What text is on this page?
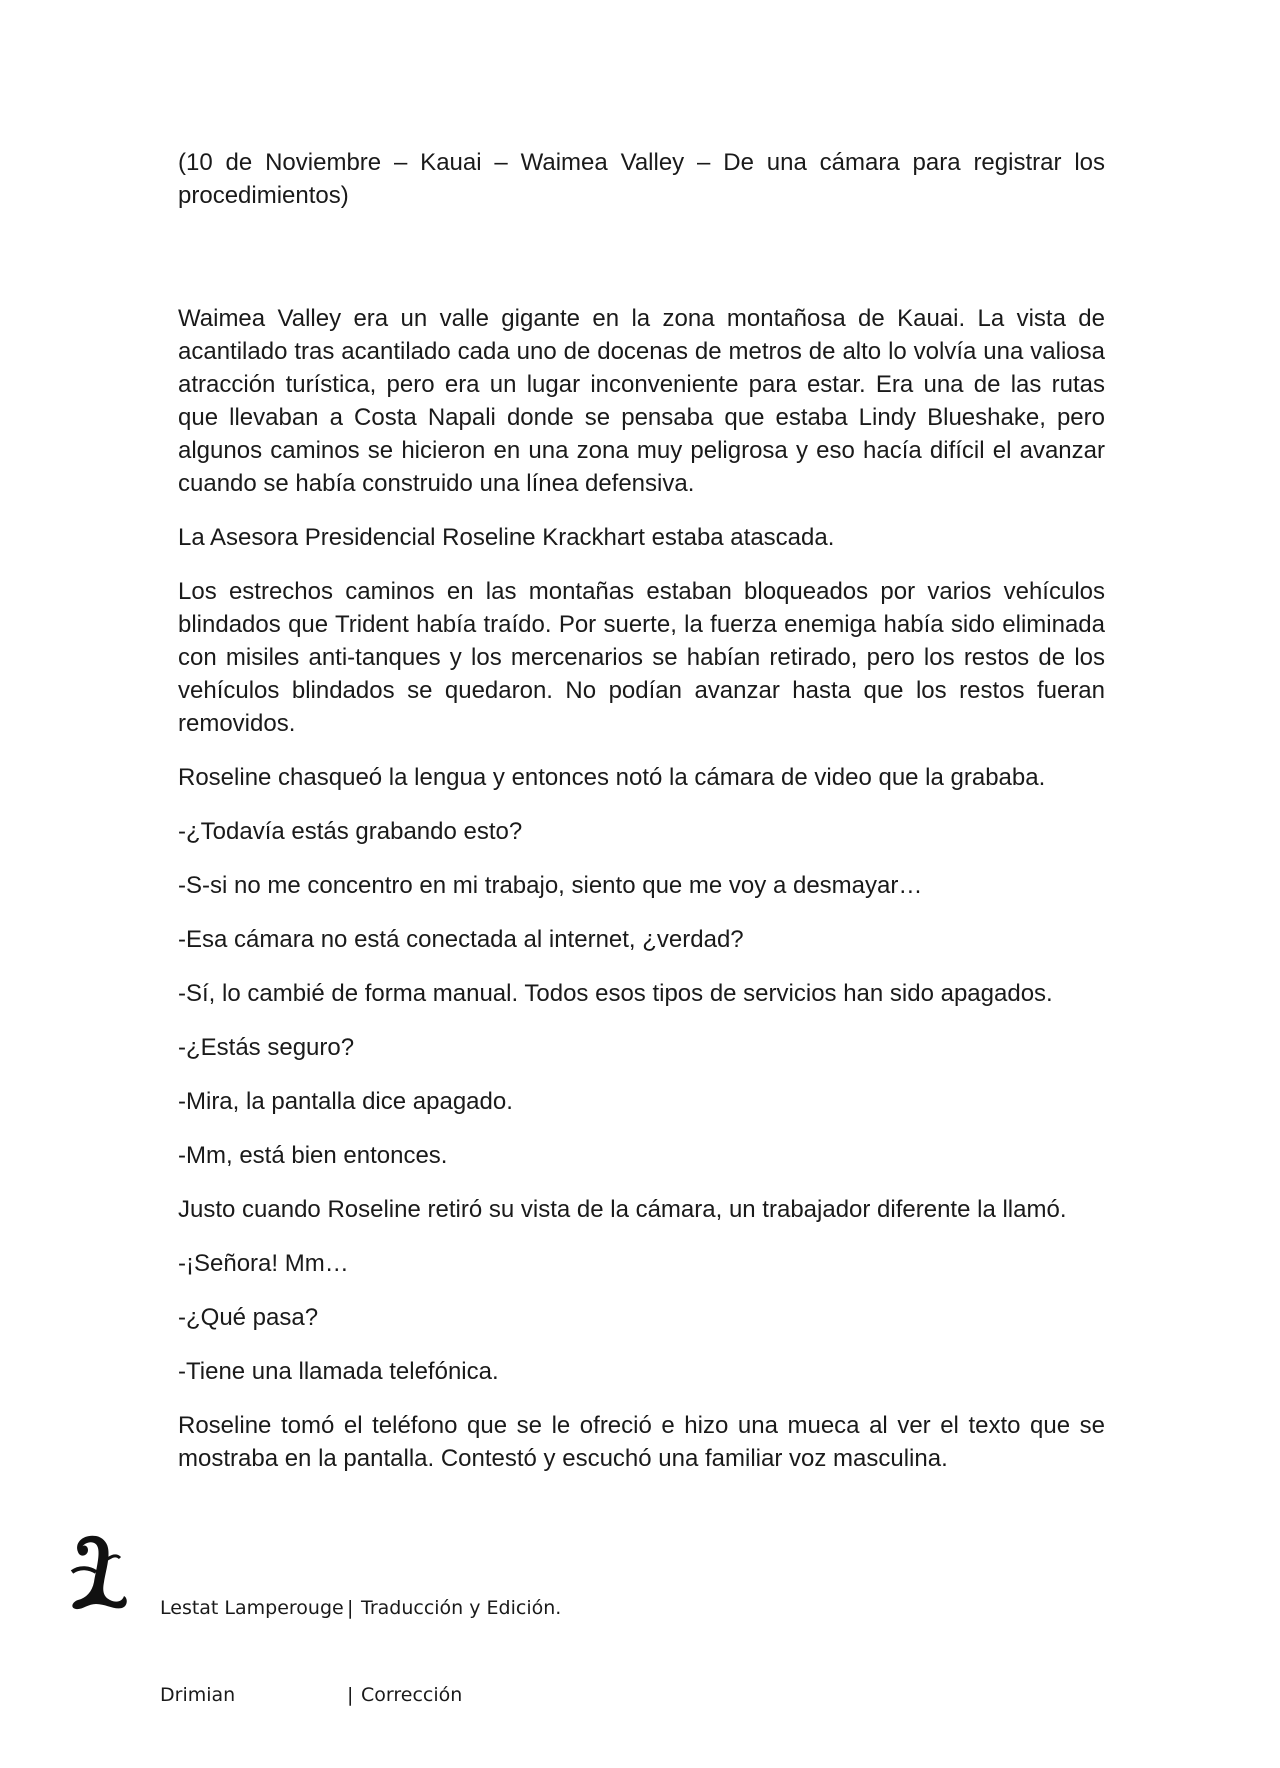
(10 de Noviembre – Kauai – Waimea Valley – De una cámara para registrar los procedimientos)

Waimea Valley era un valle gigante en la zona montañosa de Kauai. La vista de acantilado tras acantilado cada uno de docenas de metros de alto lo volvía una valiosa atracción turística, pero era un lugar inconveniente para estar. Era una de las rutas que llevaban a Costa Napali donde se pensaba que estaba Lindy Blueshake, pero algunos caminos se hicieron en una zona muy peligrosa y eso hacía difícil el avanzar cuando se había construido una línea defensiva.

La Asesora Presidencial Roseline Krackhart estaba atascada.

Los estrechos caminos en las montañas estaban bloqueados por varios vehículos blindados que Trident había traído. Por suerte, la fuerza enemiga había sido eliminada con misiles anti-tanques y los mercenarios se habían retirado, pero los restos de los vehículos blindados se quedaron. No podían avanzar hasta que los restos fueran removidos.

Roseline chasqueó la lengua y entonces notó la cámara de video que la grababa.

-¿Todavía estás grabando esto?

-S-si no me concentro en mi trabajo, siento que me voy a desmayar…

-Esa cámara no está conectada al internet, ¿verdad?

-Sí, lo cambié de forma manual. Todos esos tipos de servicios han sido apagados.

-¿Estás seguro?

-Mira, la pantalla dice apagado.

-Mm, está bien entonces.

Justo cuando Roseline retiró su vista de la cámara, un trabajador diferente la llamó.

-¡Señora! Mm…

-¿Qué pasa?

-Tiene una llamada telefónica.

Roseline tomó el teléfono que se le ofreció e hizo una mueca al ver el texto que se mostraba en la pantalla. Contestó y escuchó una familiar voz masculina.

Lestat Lamperouge | Traducción y Edición.

Drimian	| Corrección
